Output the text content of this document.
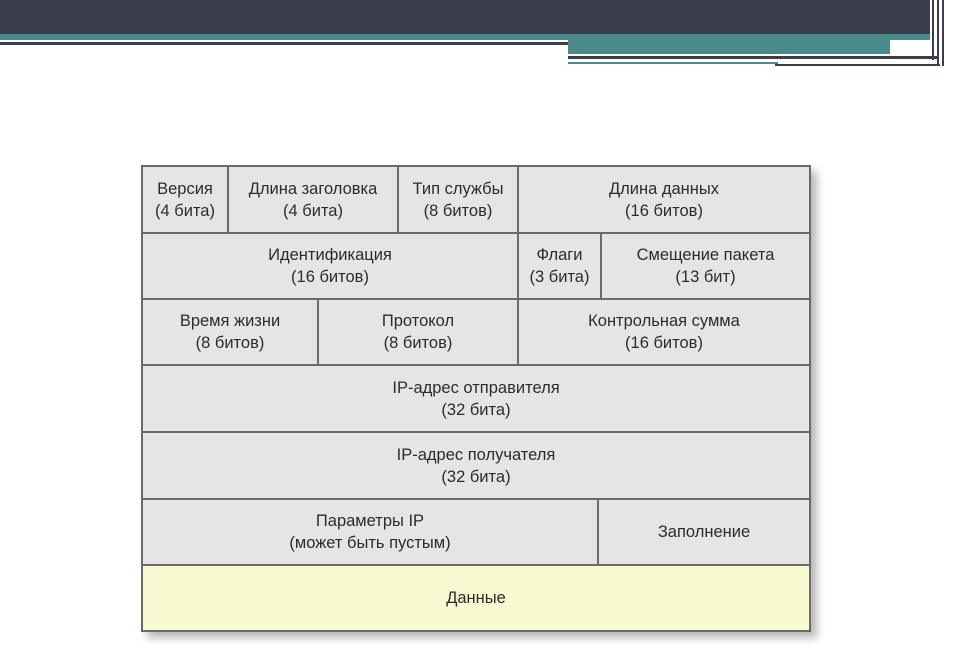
Версия
(4 бита)
Длина заголовка
(4 бита)
Тип службы
(8 битов)
Длина данных
(16 битов)
Идентификация
(16 битов)
Флаги
(3 бита)
Смещение пакета
(13 бит)
Время жизни
(8 битов)
Протокол
(8 битов)
Контрольная сумма
(16 битов)
IP-адрес отправителя
(32 бита)
IP-адрес получателя
(32 бита)
Параметры IP
(может быть пустым)
Заполнение
Данные
